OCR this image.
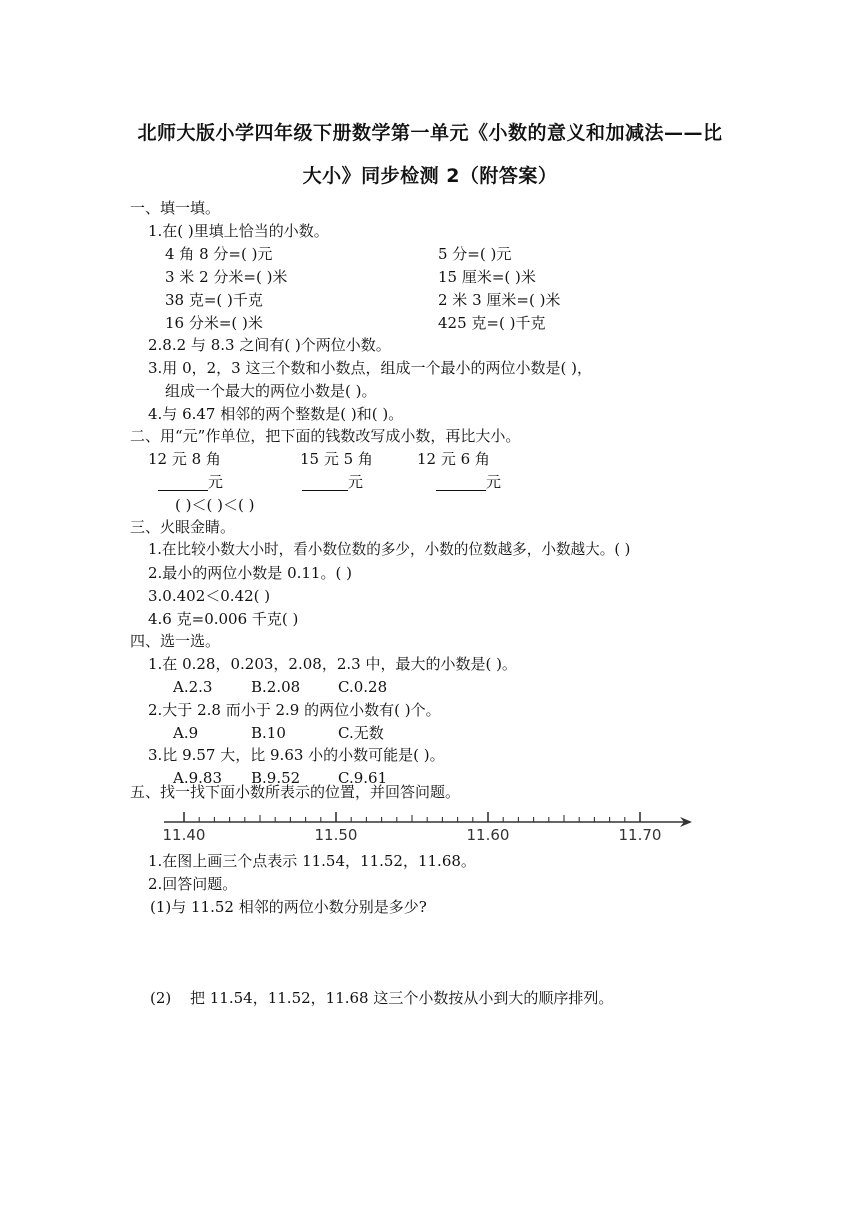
北师大版小学四年级下册数学第一单元《小数的意义和加减法——比
大小》同步检测 2（附答案）
一、填一填。
1.在( )里填上恰当的小数。
4 角 8 分=( )元	5 分=( )元
3 米 2 分米=( )米	15 厘米=( )米
38 克=( )千克	2 米 3 厘米=( )米
16 分米=( )米	425 克=( )千克
2.8.2 与 8.3 之间有( )个两位小数。
3.用 0，2，3 这三个数和小数点，组成一个最小的两位小数是( )，
组成一个最大的两位小数是( )。
4.与 6.47 相邻的两个整数是( )和( )。
二、用“元”作单位，把下面的钱数改写成小数，再比大小。
12 元 8 角	15 元 5 角	12 元 6 角
元	元	元
( )＜( )＜( )
三、火眼金睛。
1.在比较小数大小时，看小数位数的多少，小数的位数越多，小数越大。( )
2.最小的两位小数是 0.11。( )
3.0.402＜0.42( )
4.6 克=0.006 千克( )
四、选一选。
1.在 0.28，0.203，2.08，2.3 中，最大的小数是( )。
A.2.3	B.2.08	C.0.28
2.大于 2.8 而小于 2.9 的两位小数有( )个。
A.9	B.10	C.无数
3.比 9.57 大，比 9.63 小的小数可能是( )。
A.9.83 B.9.52	C.9.61
五、找一找下面小数所表示的位置，并回答问题。
11.40	11.50	11.60	11.70
1.在图上画三个点表示 11.54，11.52，11.68。
2.回答问题。
(1)与 11.52 相邻的两位小数分别是多少?
(2) 把 11.54，11.52，11.68 这三个小数按从小到大的顺序排列。
